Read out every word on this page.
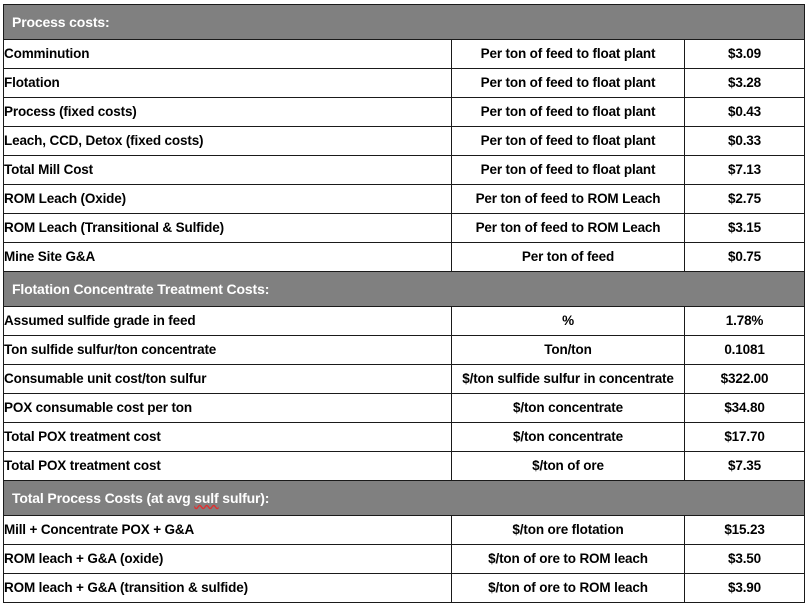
Process costs:		
Comminution	Per ton of feed to float plant	$3.09
Flotation	Per ton of feed to float plant	$3.28
Process (fixed costs)	Per ton of feed to float plant	$0.43
Leach, CCD, Detox (fixed costs)	Per ton of feed to float plant	$0.33
Total Mill Cost	Per ton of feed to float plant	$7.13
ROM Leach (Oxide)	Per ton of feed to ROM Leach	$2.75
ROM Leach (Transitional & Sulfide)	Per ton of feed to ROM Leach	$3.15
Mine Site G&A	Per ton of feed	$0.75
Flotation Concentrate Treatment Costs:		
Assumed sulfide grade in feed	%	1.78%
Ton sulfide sulfur/ton concentrate	Ton/ton	0.1081
Consumable unit cost/ton sulfur	$/ton sulfide sulfur in concentrate	$322.00
POX consumable cost per ton	$/ton concentrate	$34.80
Total POX treatment cost	$/ton concentrate	$17.70
Total POX treatment cost	$/ton of ore	$7.35
Total Process Costs (at avg sulf sulfur):		
Mill + Concentrate POX + G&A	$/ton ore flotation	$15.23
ROM leach + G&A (oxide)	$/ton of ore to ROM leach	$3.50
ROM leach + G&A (transition & sulfide)	$/ton of ore to ROM leach	$3.90
